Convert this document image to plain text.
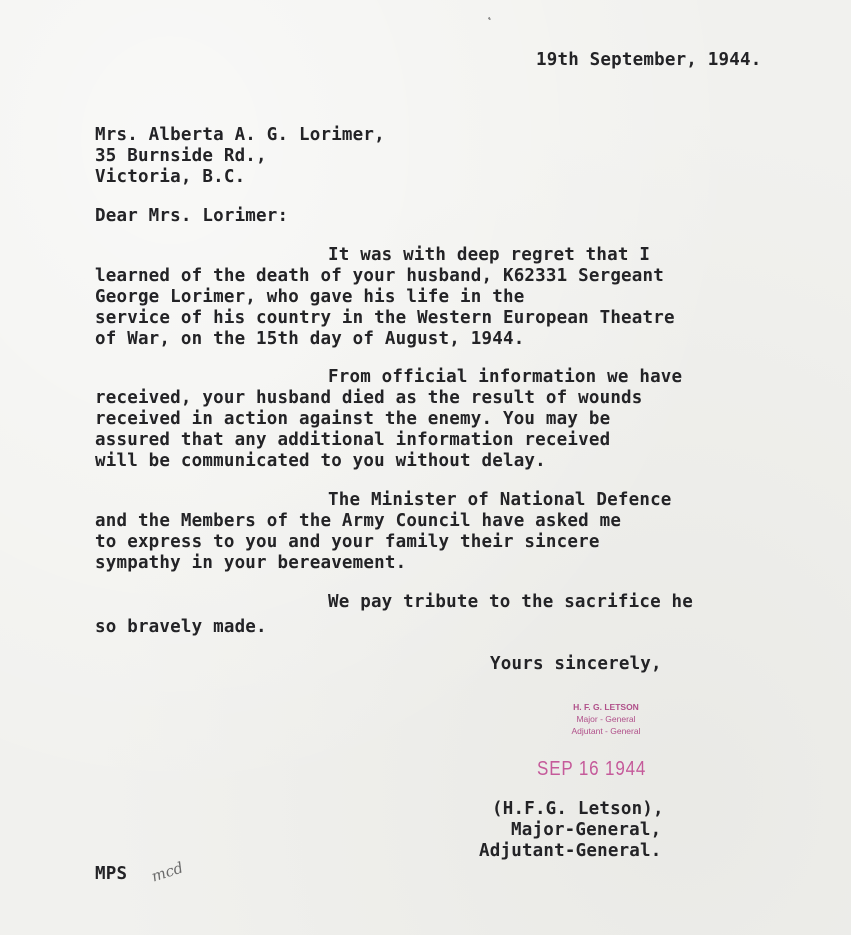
˛
19th September, 1944.
Mrs. Alberta A. G. Lorimer,
35 Burnside Rd.,
Victoria, B.C.
Dear Mrs. Lorimer:
It was with deep regret that I
learned of the death of your husband, K62331 Sergeant
George Lorimer, who gave his life in the
service of his country in the Western European Theatre
of War, on the 15th day of August, 1944.
From official information we have
received, your husband died as the result of wounds
received in action against the enemy. You may be
assured that any additional information received
will be communicated to you without delay.
The Minister of National Defence
and the Members of the Army Council have asked me
to express to you and your family their sincere
sympathy in your bereavement.
We pay tribute to the sacrifice he
so bravely made.
Yours sincerely,
H. F. G. LETSON
Major - General
Adjutant - General
SEP 16 1944
(H.F.G. Letson),
Major-General,
Adjutant-General.
MPS mcd
